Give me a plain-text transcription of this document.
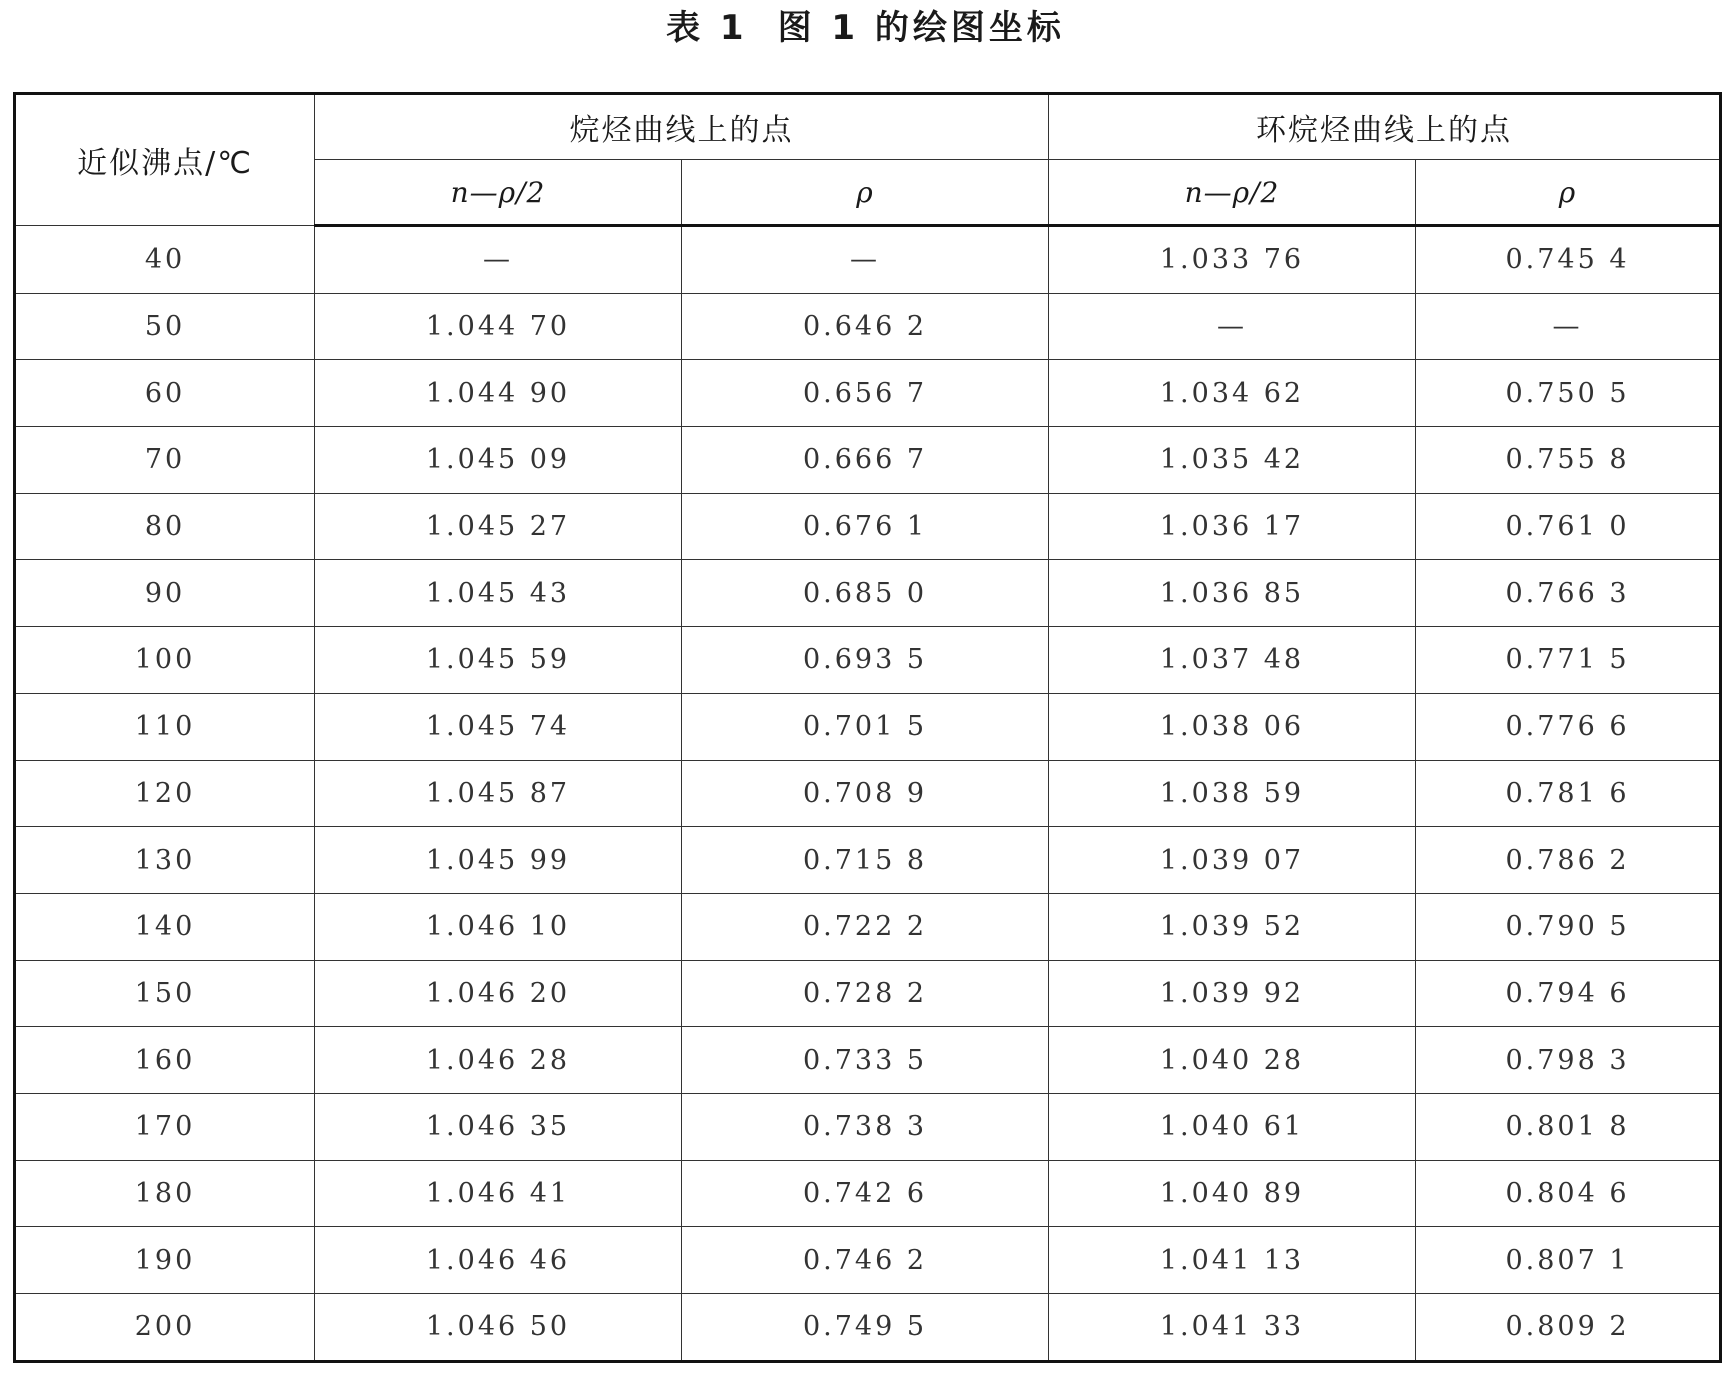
表 1 图 1 的绘图坐标
近似沸点/℃	烷烃曲线上的点		环烷烃曲线上的点	
	n—ρ/2	ρ	n—ρ/2	ρ
40	—	—	1.033 76	0.745 4
50	1.044 70	0.646 2	—	—
60	1.044 90	0.656 7	1.034 62	0.750 5
70	1.045 09	0.666 7	1.035 42	0.755 8
80	1.045 27	0.676 1	1.036 17	0.761 0
90	1.045 43	0.685 0	1.036 85	0.766 3
100	1.045 59	0.693 5	1.037 48	0.771 5
110	1.045 74	0.701 5	1.038 06	0.776 6
120	1.045 87	0.708 9	1.038 59	0.781 6
130	1.045 99	0.715 8	1.039 07	0.786 2
140	1.046 10	0.722 2	1.039 52	0.790 5
150	1.046 20	0.728 2	1.039 92	0.794 6
160	1.046 28	0.733 5	1.040 28	0.798 3
170	1.046 35	0.738 3	1.040 61	0.801 8
180	1.046 41	0.742 6	1.040 89	0.804 6
190	1.046 46	0.746 2	1.041 13	0.807 1
200	1.046 50	0.749 5	1.041 33	0.809 2
